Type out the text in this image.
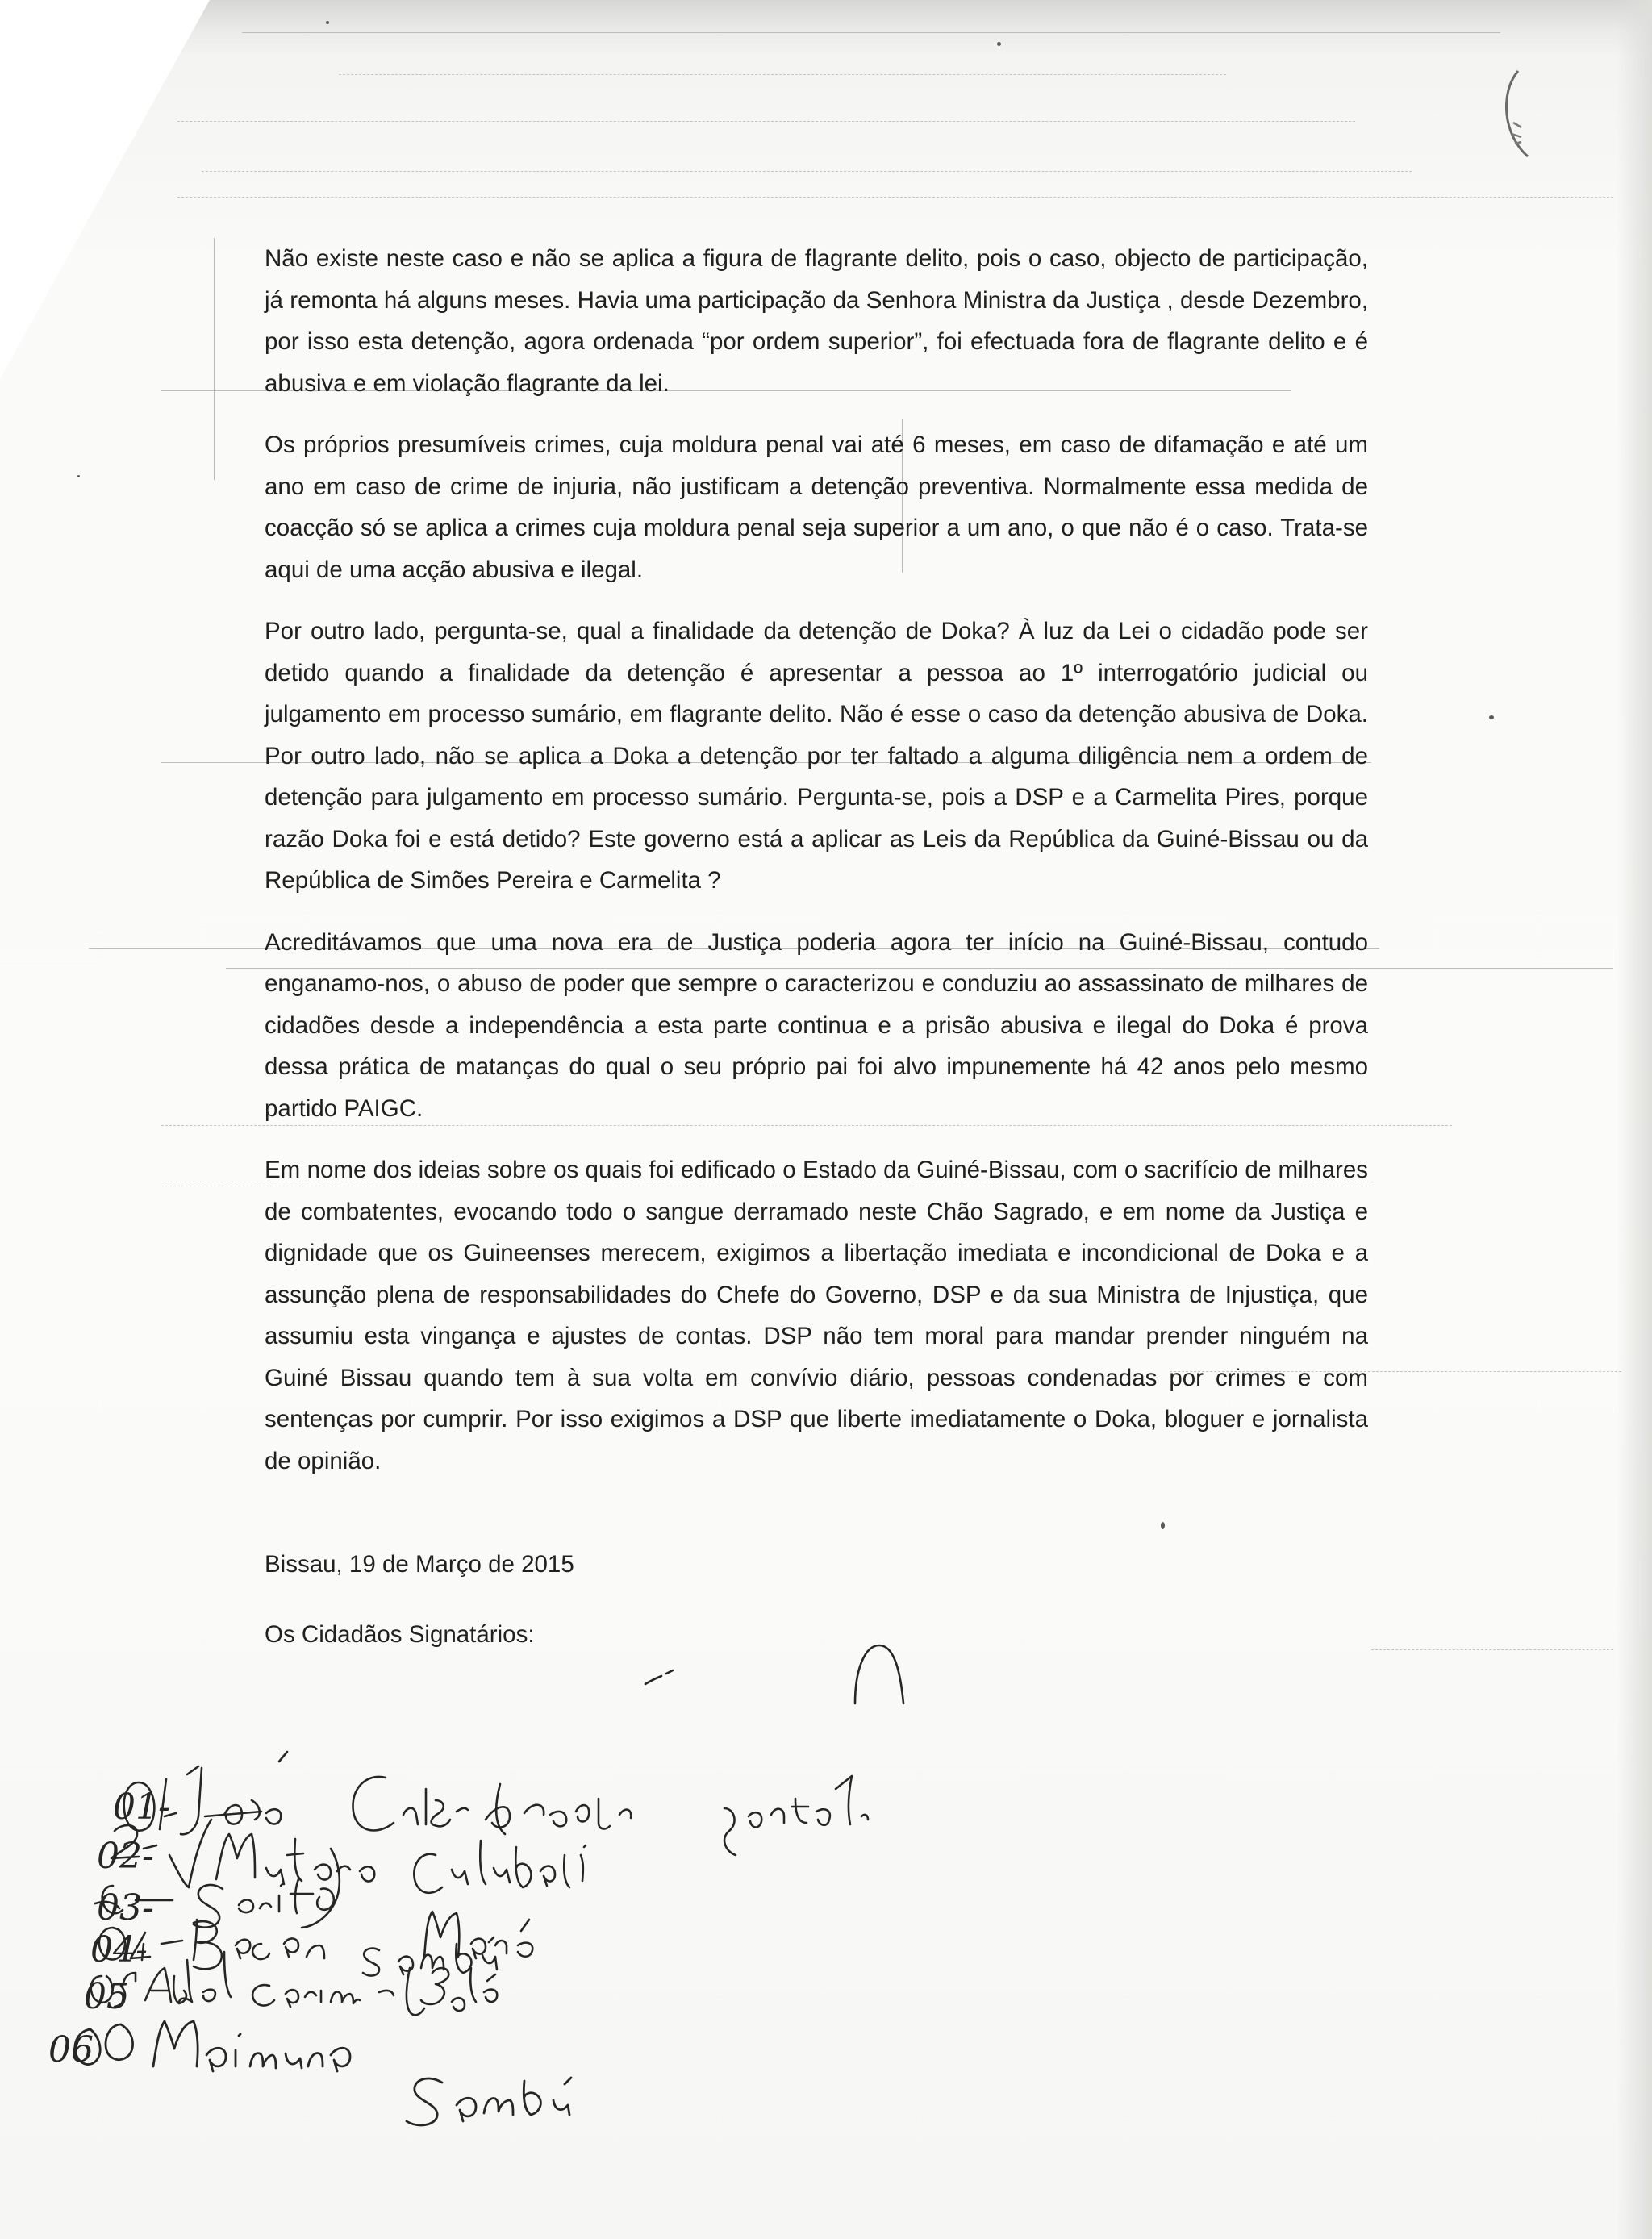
Não existe neste caso e não se aplica a figura de flagrante delito, pois o caso, objecto de participação, já remonta há alguns meses. Havia uma participação da Senhora Ministra da Justiça , desde Dezembro, por isso esta detenção, agora ordenada “por ordem superior”, foi efectuada fora de flagrante delito e é abusiva e em violação flagrante da lei.

Os próprios presumíveis crimes, cuja moldura penal vai até 6 meses, em caso de difamação e até um ano em caso de crime de injuria, não justificam a detenção preventiva. Normalmente essa medida de coacção só se aplica a crimes cuja moldura penal seja superior a um ano, o que não é o caso. Trata-se aqui de uma acção abusiva e ilegal.

Por outro lado, pergunta-se, qual a finalidade da detenção de Doka? À luz da Lei o cidadão pode ser detido quando a finalidade da detenção é apresentar a pessoa ao 1º interrogatório judicial ou julgamento em processo sumário, em flagrante delito. Não é esse o caso da detenção abusiva de Doka. Por outro lado, não se aplica a Doka a detenção por ter faltado a alguma diligência nem a ordem de detenção para julgamento em processo sumário. Pergunta-se, pois a DSP e a Carmelita Pires, porque razão Doka foi e está detido? Este governo está a aplicar as Leis da República da Guiné-Bissau ou da República de Simões Pereira e Carmelita ?

Acreditávamos que uma nova era de Justiça poderia agora ter início na Guiné-Bissau, contudo enganamo-nos, o abuso de poder que sempre o caracterizou e conduziu ao assassinato de milhares de cidadões desde a independência a esta parte continua e a prisão abusiva e ilegal do Doka é prova dessa prática de matanças do qual o seu próprio pai foi alvo impunemente há 42 anos pelo mesmo partido PAIGC.

Em nome dos ideias sobre os quais foi edificado o Estado da Guiné-Bissau, com o sacrifício de milhares de combatentes, evocando todo o sangue derramado neste Chão Sagrado, e em nome da Justiça e dignidade que os Guineenses merecem, exigimos a libertação imediata e incondicional de Doka e a assunção plena de responsabilidades do Chefe do Governo, DSP e da sua Ministra de Injustiça, que assumiu esta vingança e ajustes de contas. DSP não tem moral para mandar prender ninguém na Guiné Bissau quando tem à sua volta em convívio diário, pessoas condenadas por crimes e com sentenças por cumprir. Por isso exigimos a DSP que liberte imediatamente o Doka, bloguer e jornalista de opinião.

Bissau, 19 de Março de 2015
Os Cidadãos Signatários:
01-
02-
03-
04-
05
06
